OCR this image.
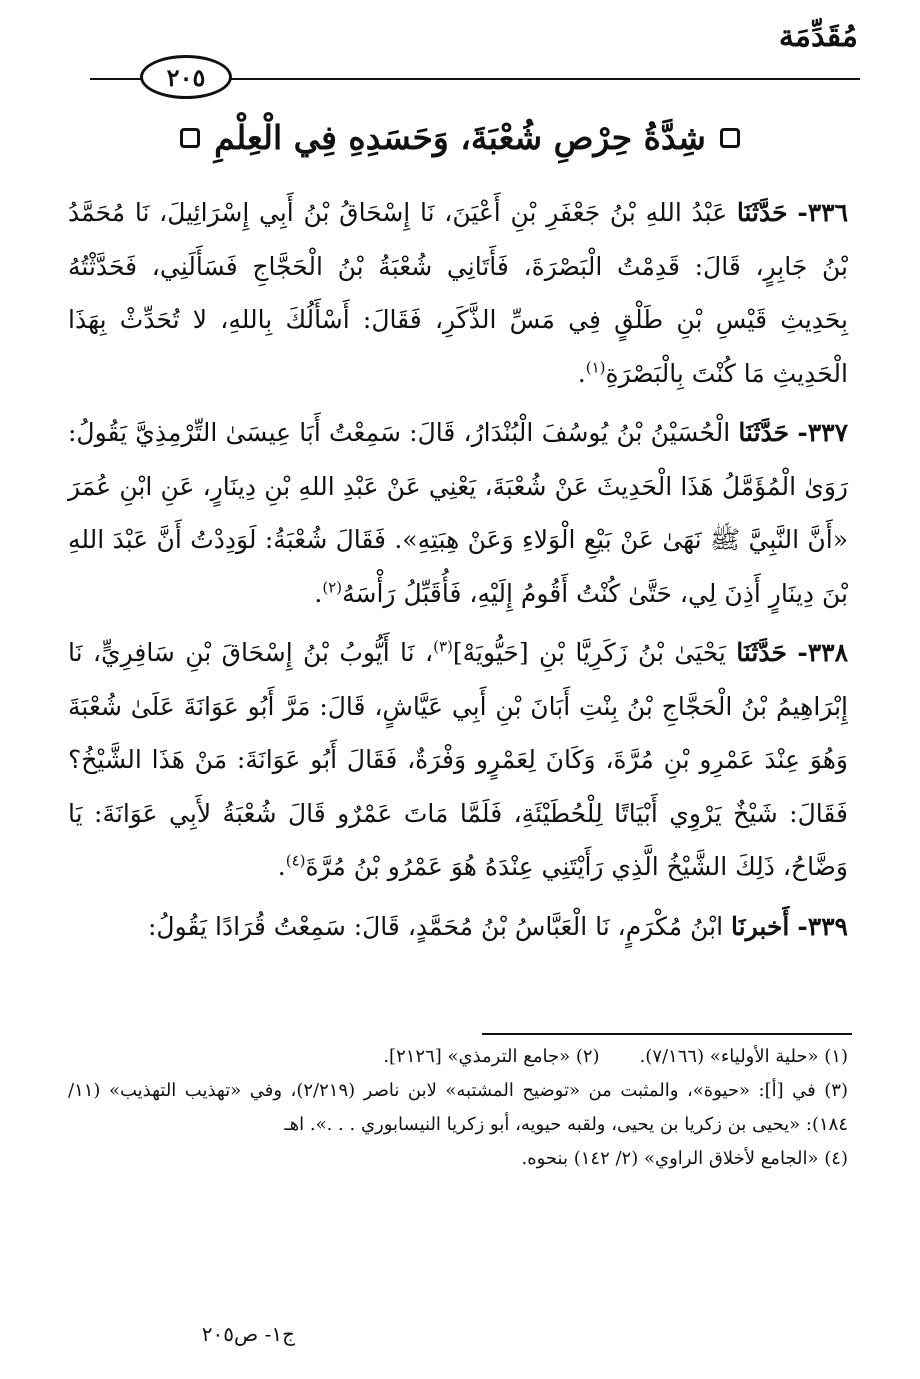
مُقَدِّمَة
٢٠٥
شِدَّةُ حِرْصِ شُعْبَةَ، وَحَسَدِهِ فِي الْعِلْمِ

٣٣٦- حَدَّثَنَا عَبْدُ اللهِ بْنُ جَعْفَرِ بْنِ أَعْيَنَ، نَا إِسْحَاقُ بْنُ أَبِي إِسْرَائِيلَ، نَا مُحَمَّدُ بْنُ جَابِرٍ، قَالَ: قَدِمْتُ الْبَصْرَةَ، فَأَتَانِي شُعْبَةُ بْنُ الْحَجَّاجِ فَسَأَلَنِي، فَحَدَّثْتُهُ بِحَدِيثِ قَيْسِ بْنِ طَلْقٍ فِي مَسِّ الذَّكَرِ، فَقَالَ: أَسْأَلُكَ بِاللهِ، لا تُحَدِّثْ بِهَذَا الْحَدِيثِ مَا كُنْتَ بِالْبَصْرَةِ$^{(١)}$.

٣٣٧- حَدَّثَنَا الْحُسَيْنُ بْنُ يُوسُفَ الْبُنْدَارُ، قَالَ: سَمِعْتُ أَبَا عِيسَىٰ التِّرْمِذِيَّ يَقُولُ: رَوَىٰ الْمُؤَمَّلُ هَذَا الْحَدِيثَ عَنْ شُعْبَةَ، يَعْنِي عَنْ عَبْدِ اللهِ بْنِ دِينَارٍ، عَنِ ابْنِ عُمَرَ «أَنَّ النَّبِيَّ ﷺ نَهَىٰ عَنْ بَيْعِ الْوَلاءِ وَعَنْ هِبَتِهِ». فَقَالَ شُعْبَةُ: لَوَدِدْتُ أَنَّ عَبْدَ اللهِ بْنَ دِينَارٍ أَذِنَ لِي، حَتَّىٰ كُنْتُ أَقُومُ إِلَيْهِ، فَأُقَبِّلُ رَأْسَهُ$^{(٢)}$.

٣٣٨- حَدَّثَنَا يَحْيَىٰ بْنُ زَكَرِيَّا بْنِ [حَيُّويَهْ]$^{(٣)}$، نَا أَيُّوبُ بْنُ إِسْحَاقَ بْنِ سَافِرِيٍّ، نَا إِبْرَاهِيمُ بْنُ الْحَجَّاجِ بْنُ بِنْتِ أَبَانَ بْنِ أَبِي عَيَّاشٍ، قَالَ: مَرَّ أَبُو عَوَانَةَ عَلَىٰ شُعْبَةَ وَهُوَ عِنْدَ عَمْرِو بْنِ مُرَّةَ، وَكَانَ لِعَمْرٍو وَفْرَةٌ، فَقَالَ أَبُو عَوَانَةَ: مَنْ هَذَا الشَّيْخُ؟ فَقَالَ: شَيْخٌ يَرْوِي أَبْيَاتًا لِلْحُطَيْئَةِ، فَلَمَّا مَاتَ عَمْرٌو قَالَ شُعْبَةُ لأَبِي عَوَانَةَ: يَا وَضَّاحُ، ذَلِكَ الشَّيْخُ الَّذِي رَأَيْتَنِي عِنْدَهُ هُوَ عَمْرُو بْنُ مُرَّةَ$^{(٤)}$.

٣٣٩- أَخبرنَا ابْنُ مُكْرَمٍ، نَا الْعَبَّاسُ بْنُ مُحَمَّدٍ، قَالَ: سَمِعْتُ قُرَادًا يَقُولُ:

(١) «حلية الأولياء» (٧/١٦٦).
(٢) «جامع الترمذي» [٢١٢٦].

(٣) في [أ]: «حيوة»، والمثبت من «توضيح المشتبه» لابن ناصر (٢/٢١٩)، وفي «تهذيب التهذيب» (١١/ ١٨٤): «يحيى بن زكريا بن يحيى، ولقبه حيويه، أبو زكريا النيسابوري . . .». اهـ

(٤) «الجامع لأخلاق الراوي» (٢/ ١٤٢) بنحوه.

ج١- ص٢٠٥
